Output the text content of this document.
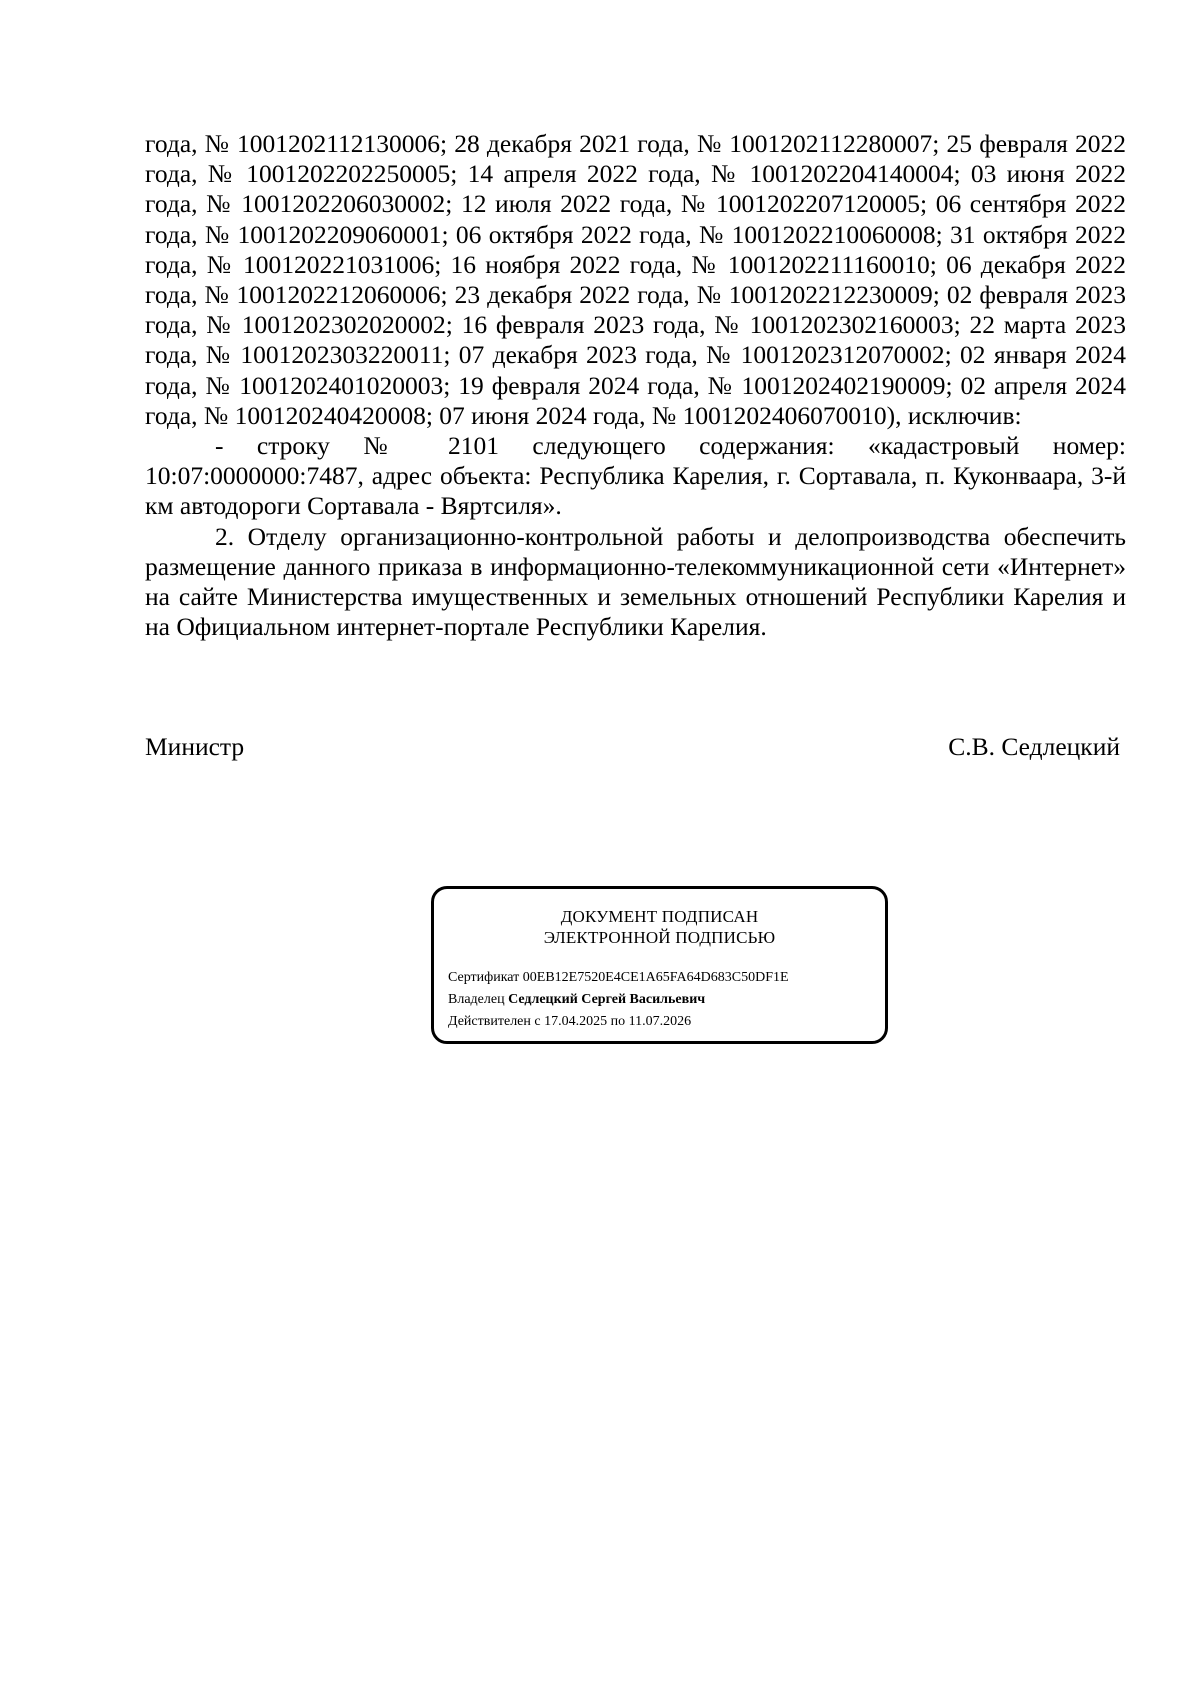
года, № 1001202112130006; 28 декабря 2021 года, № 1001202112280007; 25 февраля 2022 года, № 1001202202250005; 14 апреля 2022 года, № 1001202204140004; 03 июня 2022 года, № 1001202206030002; 12 июля 2022 года, № 1001202207120005; 06 сентября 2022 года, № 1001202209060001; 06 октября 2022 года, № 1001202210060008; 31 октября 2022 года, № 100120221031006; 16 ноября 2022 года, № 1001202211160010; 06 декабря 2022 года, № 1001202212060006; 23 декабря 2022 года, № 1001202212230009; 02 февраля 2023 года, № 1001202302020002; 16 февраля 2023 года, № 1001202302160003; 22 марта 2023 года, № 1001202303220011; 07 декабря 2023 года, № 1001202312070002; 02 января 2024 года, № 1001202401020003; 19 февраля 2024 года, № 1001202402190009; 02 апреля 2024 года, № 100120240420008; 07 июня 2024 года, № 1001202406070010), исключив:

- строку № 2101 следующего содержания: «кадастровый номер: 10:07:0000000:7487, адрес объекта: Республика Карелия, г. Сортавала, п. Куконваара, 3-й км автодороги Сортавала - Вяртсиля».

2. Отделу организационно-контрольной работы и делопроизводства обеспечить размещение данного приказа в информационно-телекоммуникационной сети «Интернет» на сайте Министерства имущественных и земельных отношений Республики Карелия и на Официальном интернет-портале Республики Карелия.

Министр	С.В. Седлецкий
ДОКУМЕНТ ПОДПИСАН
ЭЛЕКТРОННОЙ ПОДПИСЬЮ
Сертификат 00EB12E7520E4CE1A65FA64D683C50DF1E
Владелец Седлецкий Сергей Васильевич
Действителен с 17.04.2025 по 11.07.2026
